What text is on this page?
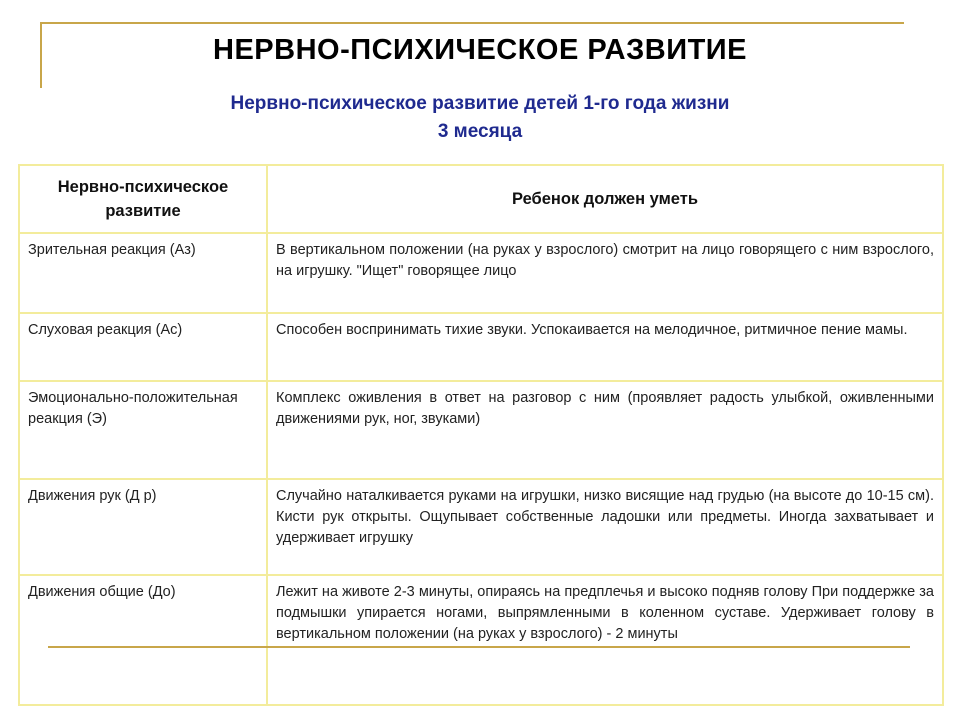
НЕРВНО-ПСИХИЧЕСКОЕ РАЗВИТИЕ
Нервно-психическое развитие детей 1-го года жизни
3 месяца
Нервно-психическое развитие	Ребенок должен уметь
Зрительная реакция (Аз)	В вертикальном положении (на руках у взрослого) смотрит на лицо говорящего с ним взрослого, на игрушку. "Ищет" говорящее лицо
Слуховая реакция (Ас)	Способен воспринимать тихие звуки. Успокаивается на мелодичное, ритмичное пение мамы.
Эмоционально-положительная реакция (Э)	Комплекс оживления в ответ на разговор с ним (проявляет радость улыбкой, оживленными движениями рук, ног, звуками)
Движения рук (Д р)	Случайно наталкивается руками на игрушки, низко висящие над грудью (на высоте до 10-15 см). Кисти рук открыты. Ощупывает собственные ладошки или предметы. Иногда захватывает и удерживает игрушку
Движения общие (До)	Лежит на животе 2-3 минуты, опираясь на предплечья и высоко подняв голову При поддержке за подмышки упирается ногами, выпрямленными в коленном суставе. Удерживает голову в вертикальном положении (на руках у взрослого) - 2 минуты
